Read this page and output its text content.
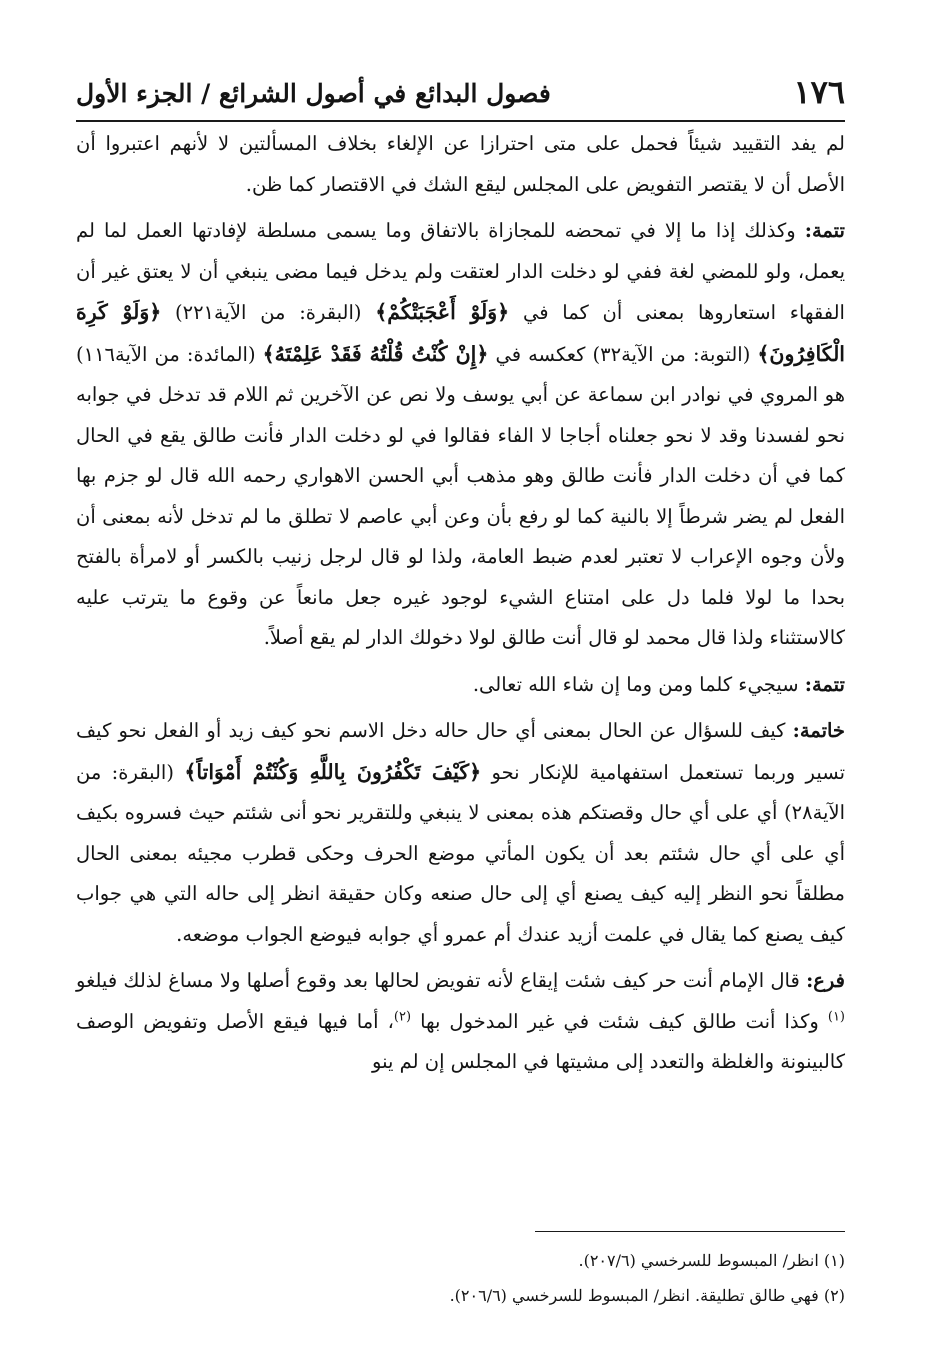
١٧٦
فصول البدائع في أصول الشرائع / الجزء الأول

لم يفد التقييد شيئاً فحمل على متى احترازا عن الإلغاء بخلاف المسألتين لا لأنهم اعتبروا أن الأصل أن لا يقتصر التفويض على المجلس ليقع الشك في الاقتصار كما ظن.

تتمة: وكذلك إذا ما إلا في تمحضه للمجازاة بالاتفاق وما يسمى مسلطة لإفادتها العمل لما لم يعمل، ولو للمضي لغة ففي لو دخلت الدار لعتقت ولم يدخل فيما مضى ينبغي أن لا يعتق غير أن الفقهاء استعاروها بمعنى أن كما في ﴿وَلَوْ أَعْجَبَتْكُمْ﴾ (البقرة: من الآية٢٢١) ﴿وَلَوْ كَرِهَ الْكَافِرُونَ﴾ (التوبة: من الآية٣٢) كعكسه في ﴿إِنْ كُنْتُ قُلْتُهُ فَقَدْ عَلِمْتَهُ﴾ (المائدة: من الآية١١٦) هو المروي في نوادر ابن سماعة عن أبي يوسف ولا نص عن الآخرين ثم اللام قد تدخل في جوابه نحو لفسدنا وقد لا نحو جعلناه أجاجا لا الفاء فقالوا في لو دخلت الدار فأنت طالق يقع في الحال كما في أن دخلت الدار فأنت طالق وهو مذهب أبي الحسن الاهواري رحمه الله قال لو جزم بها الفعل لم يضر شرطاً إلا بالنية كما لو رفع بأن وعن أبي عاصم لا تطلق ما لم تدخل لأنه بمعنى أن ولأن وجوه الإعراب لا تعتبر لعدم ضبط العامة، ولذا لو قال لرجل زنيب بالكسر أو لامرأة بالفتح بحدا ما لولا فلما دل على امتناع الشيء لوجود غيره جعل مانعاً عن وقوع ما يترتب عليه كالاستثناء ولذا قال محمد لو قال أنت طالق لولا دخولك الدار لم يقع أصلاً.

تتمة: سيجيء كلما ومن وما إن شاء الله تعالى.

خاتمة: كيف للسؤال عن الحال بمعنى أي حال حاله دخل الاسم نحو كيف زيد أو الفعل نحو كيف تسير وربما تستعمل استفهامية للإنكار نحو ﴿كَيْفَ تَكْفُرُونَ بِاللَّهِ وَكُنْتُمْ أَمْوَاتاً﴾ (البقرة: من الآية٢٨) أي على أي حال وقصتكم هذه بمعنى لا ينبغي وللتقرير نحو أنى شئتم حيث فسروه بكيف أي على أي حال شئتم بعد أن يكون المأتي موضع الحرف وحكى قطرب مجيئه بمعنى الحال مطلقاً نحو النظر إليه كيف يصنع أي إلى حال صنعه وكان حقيقة انظر إلى حاله التي هي جواب كيف يصنع كما يقال في علمت أزيد عندك أم عمرو أي جوابه فيوضع الجواب موضعه.

فرع: قال الإمام أنت حر كيف شئت إيقاع لأنه تفويض لحالها بعد وقوع أصلها ولا مساغ لذلك فيلغو $^{(١)}$ وكذا أنت طالق كيف شئت في غير المدخول بها $^{(٢)}$، أما فيها فيقع الأصل وتفويض الوصف كالبينونة والغلظة والتعدد إلى مشيتها في المجلس إن لم ينو

(١) انظر/ المبسوط للسرخسي (٢٠٧/٦).

(٢) فهي طالق تطليقة. انظر/ المبسوط للسرخسي (٢٠٦/٦).
